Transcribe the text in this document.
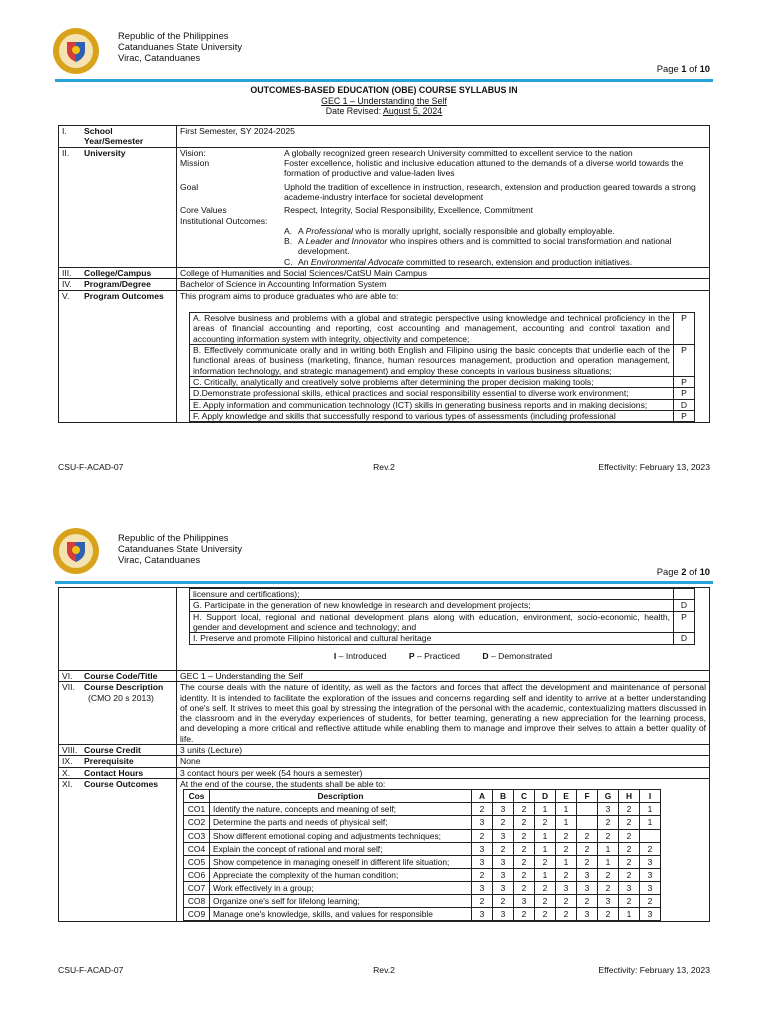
Republic of the Philippines
Catanduanes State University
Virac, Catanduanes
Page 1 of 10
OUTCOMES-BASED EDUCATION (OBE) COURSE SYLLABUS IN
GEC 1 – Understanding the Self
Date Revised: August 5, 2024
I. School Year/Semester	First Semester, SY 2024-2025
II. University	Vision:	A globally recognized green research University committed to excellent service to the nation
Mission	Foster excellence, holistic and inclusive education attuned to the demands of a diverse world towards the formation of productive and value-laden lives
Goal	Uphold the tradition of excellence in instruction, research, extension and production geared towards a strong academe-industry interface for societal development
Core Values	Respect, Integrity, Social Responsibility, Excellence, Commitment
Institutional Outcomes:
A. A Professional who is morally upright, socially responsible and globally employable.
B. A Leader and Innovator who inspires others and is committed to social transformation and national development.
C. An Environmental Advocate committed to research, extension and production initiatives.

III. College/Campus	College of Humanities and Social Sciences/CatSU Main Campus
IV. Program/Degree	Bachelor of Science in Accounting Information System
V. Program Outcomes	This program aims to produce graduates who are able to:
A. Resolve business and problems with a global and strategic perspective using knowledge and technical proficiency in the areas of financial accounting and reporting, cost accounting and management, accounting and control taxation and accounting information system with integrity, objectivity and competence;	P
B. Effectively communicate orally and in writing both English and Filipino using the basic concepts that underlie each of the functional areas of business (marketing, finance, human resources management, production and operation management, information technology, and strategic management) and employ these concepts in various business situations;	P
C. Critically, analytically and creatively solve problems after determining the proper decision making tools;	P
D.Demonstrate professional skills, ethical practices and social responsibility essential to diverse work environment;	P
E. Apply information and communication technology (ICT) skills in generating business reports and in making decisions;	D
F. Apply knowledge and skills that successfully respond to various types of assessments (including professional	P
CSU-F-ACAD-07	Rev.2	Effectivity: February 13, 2023
Republic of the Philippines
Catanduanes State University
Virac, Catanduanes
Page 2 of 10

licensure and certifications);	
G. Participate in the generation of new knowledge in research and development projects;	D
H. Support local, regional and national development plans along with education, environment, socio-economic, health, gender and development and science and technology; and	P
I. Preserve and promote Filipino historical and cultural heritage	D
I – Introduced	P – Practiced	D – Demonstrated

VI. Course Code/Title	GEC 1 – Understanding the Self
VII. Course Description
(CMO 20 s 2013)
	The course deals with the nature of identity, as well as the factors and forces that affect the development and maintenance of personal identity. It is intended to facilitate the exploration of the issues and concerns regarding self and identity to arrive at a better understanding of one's self. It strives to meet this goal by stressing the integration of the personal with the academic, contextualizing matters discussed in the classroom and in the everyday experiences of students, for better teaming, generating a new appreciation for the learning process, and developing a more critical and reflective attitude while enabling them to manage and improve their selves to attain a better quality of life.
VIII. Course Credit	3 units (Lecture)
IX. Prerequisite	None
X. Contact Hours	3 contact hours per week (54 hours a semester)
XI. Course Outcomes	At the end of the course, the students shall be able to:
Cos	Description	A	B	C	D	E	F	G	H	I
CO1	Identify the nature, concepts and meaning of self;	2	3	2	1	1		3	2	1
CO2	Determine the parts and needs of physical self;	3	2	2	2	1		2	2	1
CO3	Show different emotional coping and adjustments techniques;	2	3	2	1	2	2	2	2	
CO4	Explain the concept of rational and moral self;	3	2	2	1	2	2	1	2	2
CO5	Show competence in managing oneself in different life situation;	3	3	2	2	1	2	1	2	3
CO6	Appreciate the complexity of the human condition;	2	3	2	1	2	3	2	2	3
CO7	Work effectively in a group;	3	3	2	2	3	3	2	3	3
CO8	Organize one's self for lifelong learning;	2	2	3	2	2	2	3	2	2
CO9	Manage one's knowledge, skills, and values for responsible	3	3	2	2	2	3	2	1	3
CSU-F-ACAD-07	Rev.2	Effectivity: February 13, 2023
